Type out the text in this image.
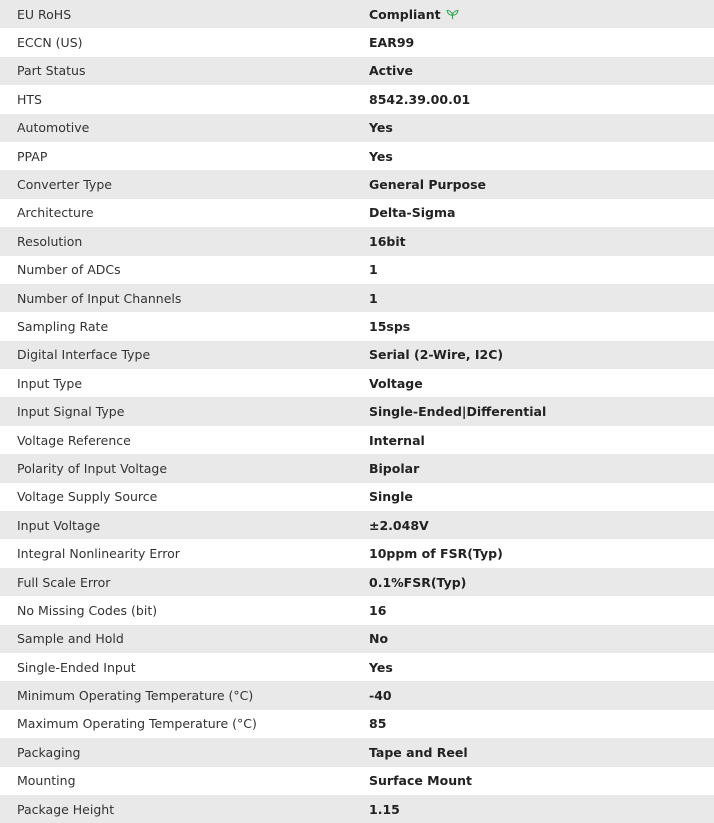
EU RoHS	Compliant
ECCN (US)	EAR99
Part Status	Active
HTS	8542.39.00.01
Automotive	Yes
PPAP	Yes
Converter Type	General Purpose
Architecture	Delta-Sigma
Resolution	16bit
Number of ADCs	1
Number of Input Channels	1
Sampling Rate	15sps
Digital Interface Type	Serial (2-Wire, I2C)
Input Type	Voltage
Input Signal Type	Single-Ended|Differential
Voltage Reference	Internal
Polarity of Input Voltage	Bipolar
Voltage Supply Source	Single
Input Voltage	±2.048V
Integral Nonlinearity Error	10ppm of FSR(Typ)
Full Scale Error	0.1%FSR(Typ)
No Missing Codes (bit)	16
Sample and Hold	No
Single-Ended Input	Yes
Minimum Operating Temperature (°C)	-40
Maximum Operating Temperature (°C)	85
Packaging	Tape and Reel
Mounting	Surface Mount
Package Height	1.15
